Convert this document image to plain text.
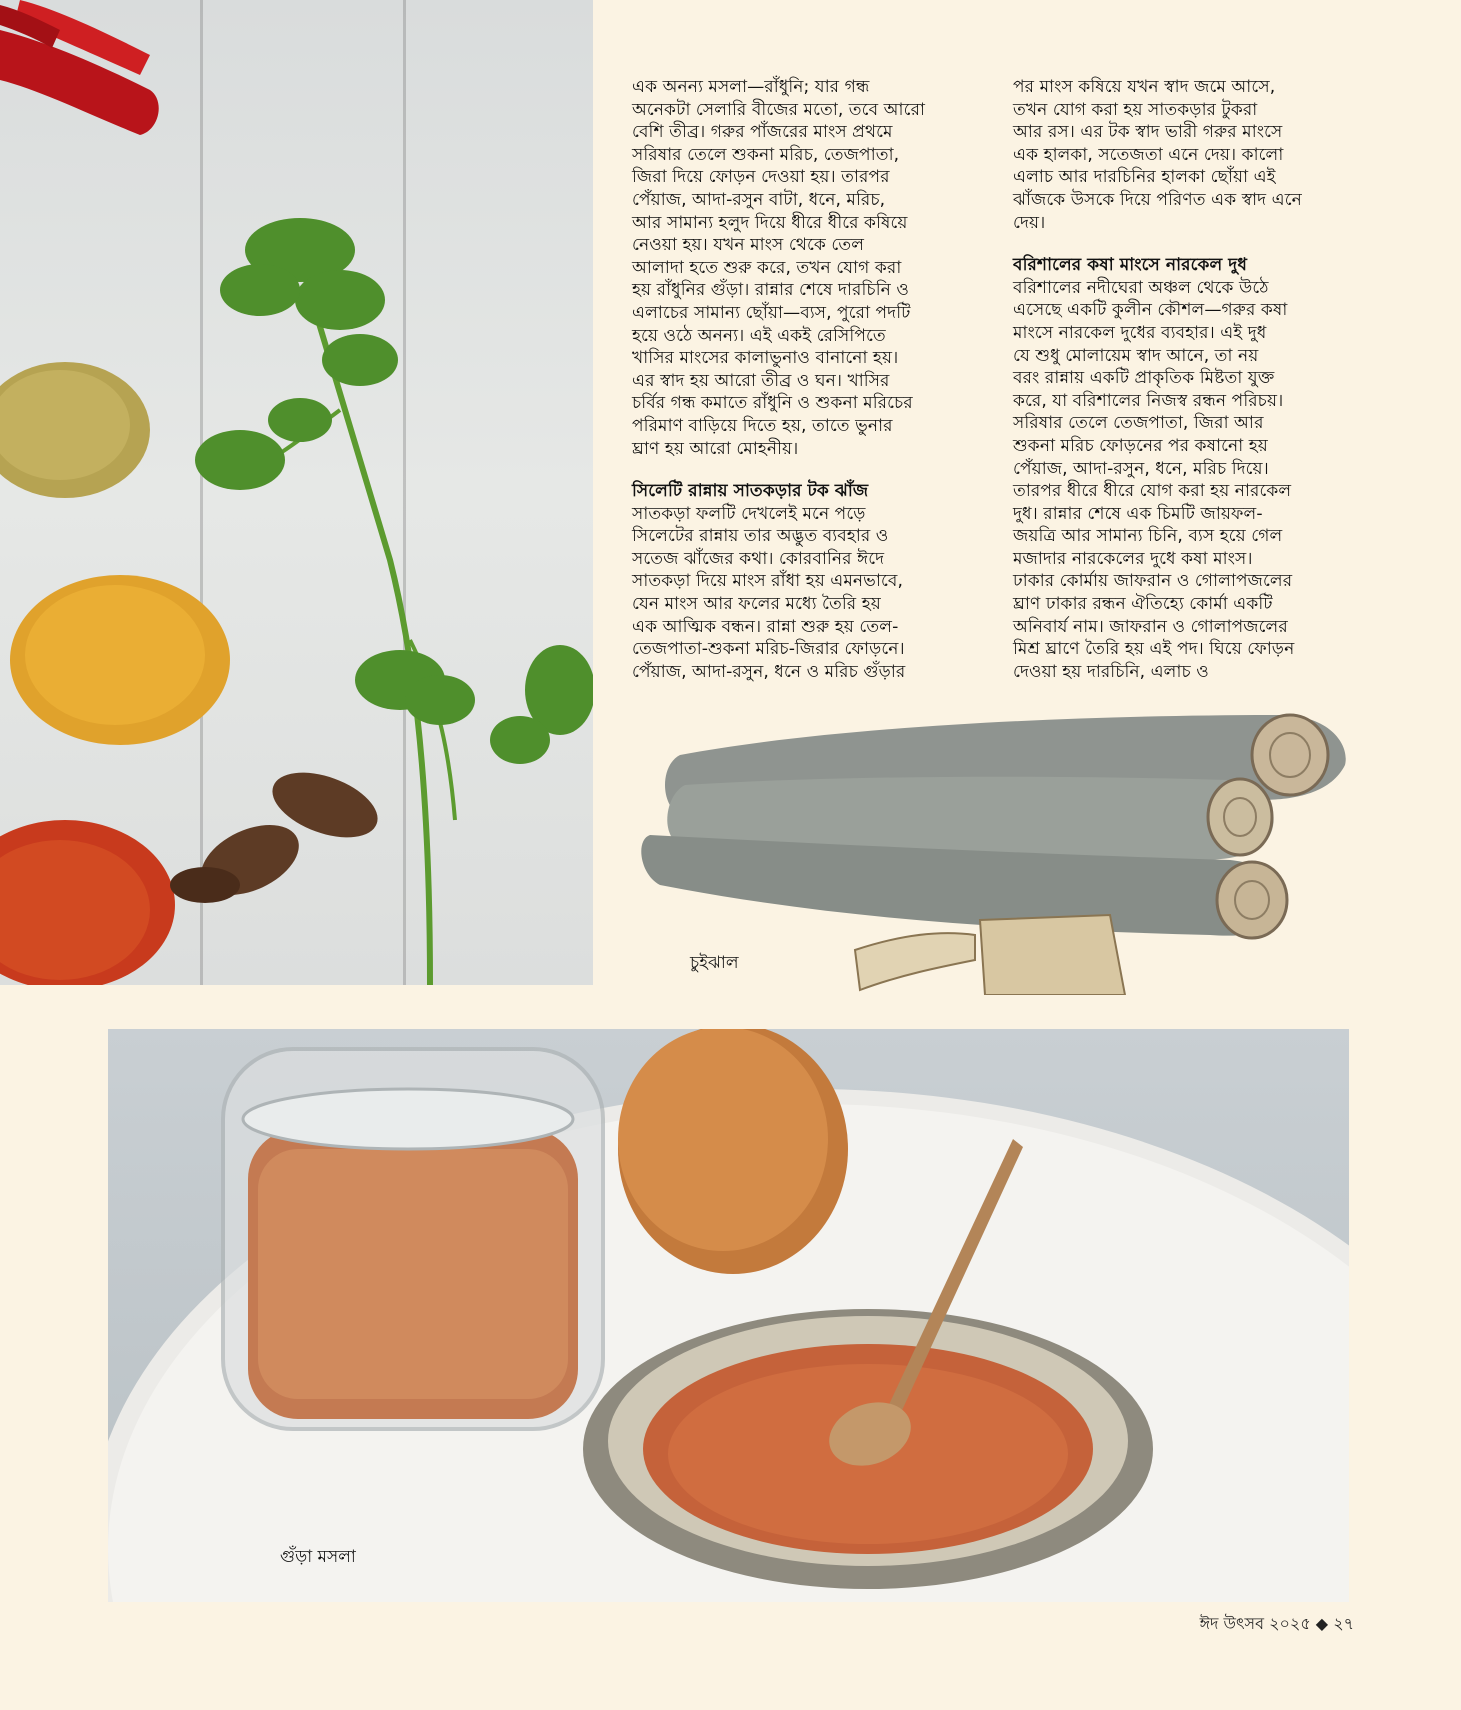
এক অনন্য মসলা—রাঁধুনি; যার গন্ধ
অনেকটা সেলারি বীজের মতো, তবে আরো
বেশি তীব্র। গরুর পাঁজরের মাংস প্রথমে
সরিষার তেলে শুকনা মরিচ, তেজপাতা,
জিরা দিয়ে ফোড়ন দেওয়া হয়। তারপর
পেঁয়াজ, আদা-রসুন বাটা, ধনে, মরিচ,
আর সামান্য হলুদ দিয়ে ধীরে ধীরে কষিয়ে
নেওয়া হয়। যখন মাংস থেকে তেল
আলাদা হতে শুরু করে, তখন যোগ করা
হয় রাঁধুনির গুঁড়া। রান্নার শেষে দারচিনি ও
এলাচের সামান্য ছোঁয়া—ব্যস, পুরো পদটি
হয়ে ওঠে অনন্য। এই একই রেসিপিতে
খাসির মাংসের কালাভুনাও বানানো হয়।
এর স্বাদ হয় আরো তীব্র ও ঘন। খাসির
চর্বির গন্ধ কমাতে রাঁধুনি ও শুকনা মরিচের
পরিমাণ বাড়িয়ে দিতে হয়, তাতে ভুনার
ঘ্রাণ হয় আরো মোহনীয়।
সিলেটি রান্নায় সাতকড়ার টক ঝাঁজ
সাতকড়া ফলটি দেখলেই মনে পড়ে
সিলেটের রান্নায় তার অদ্ভুত ব্যবহার ও
সতেজ ঝাঁজের কথা। কোরবানির ঈদে
সাতকড়া দিয়ে মাংস রাঁধা হয় এমনভাবে,
যেন মাংস আর ফলের মধ্যে তৈরি হয়
এক আত্মিক বন্ধন। রান্না শুরু হয় তেল-
তেজপাতা-শুকনা মরিচ-জিরার ফোড়নে।
পেঁয়াজ, আদা-রসুন, ধনে ও মরিচ গুঁড়ার
পর মাংস কষিয়ে যখন স্বাদ জমে আসে,
তখন যোগ করা হয় সাতকড়ার টুকরা
আর রস। এর টক স্বাদ ভারী গরুর মাংসে
এক হালকা, সতেজতা এনে দেয়। কালো
এলাচ আর দারচিনির হালকা ছোঁয়া এই
ঝাঁজকে উসকে দিয়ে পরিণত এক স্বাদ এনে
দেয়।
বরিশালের কষা মাংসে নারকেল দুধ
বরিশালের নদীঘেরা অঞ্চল থেকে উঠে
এসেছে একটি কুলীন কৌশল—গরুর কষা
মাংসে নারকেল দুধের ব্যবহার। এই দুধ
যে শুধু মোলায়েম স্বাদ আনে, তা নয়
বরং রান্নায় একটি প্রাকৃতিক মিষ্টতা যুক্ত
করে, যা বরিশালের নিজস্ব রন্ধন পরিচয়।
সরিষার তেলে তেজপাতা, জিরা আর
শুকনা মরিচ ফোড়নের পর কষানো হয়
পেঁয়াজ, আদা-রসুন, ধনে, মরিচ দিয়ে।
তারপর ধীরে ধীরে যোগ করা হয় নারকেল
দুধ। রান্নার শেষে এক চিমটি জায়ফল-
জয়ত্রি আর সামান্য চিনি, ব্যস হয়ে গেল
মজাদার নারকেলের দুধে কষা মাংস।
ঢাকার কোর্মায় জাফরান ও গোলাপজলের
ঘ্রাণ ঢাকার রন্ধন ঐতিহ্যে কোর্মা একটি
অনিবার্য নাম। জাফরান ও গোলাপজলের
মিশ্র ঘ্রাণে তৈরি হয় এই পদ। ঘিয়ে ফোড়ন
দেওয়া হয় দারচিনি, এলাচ ও
চুইঝাল
গুঁড়া মসলা
ঈদ উৎসব ২০২৫ ◆ ২৭
